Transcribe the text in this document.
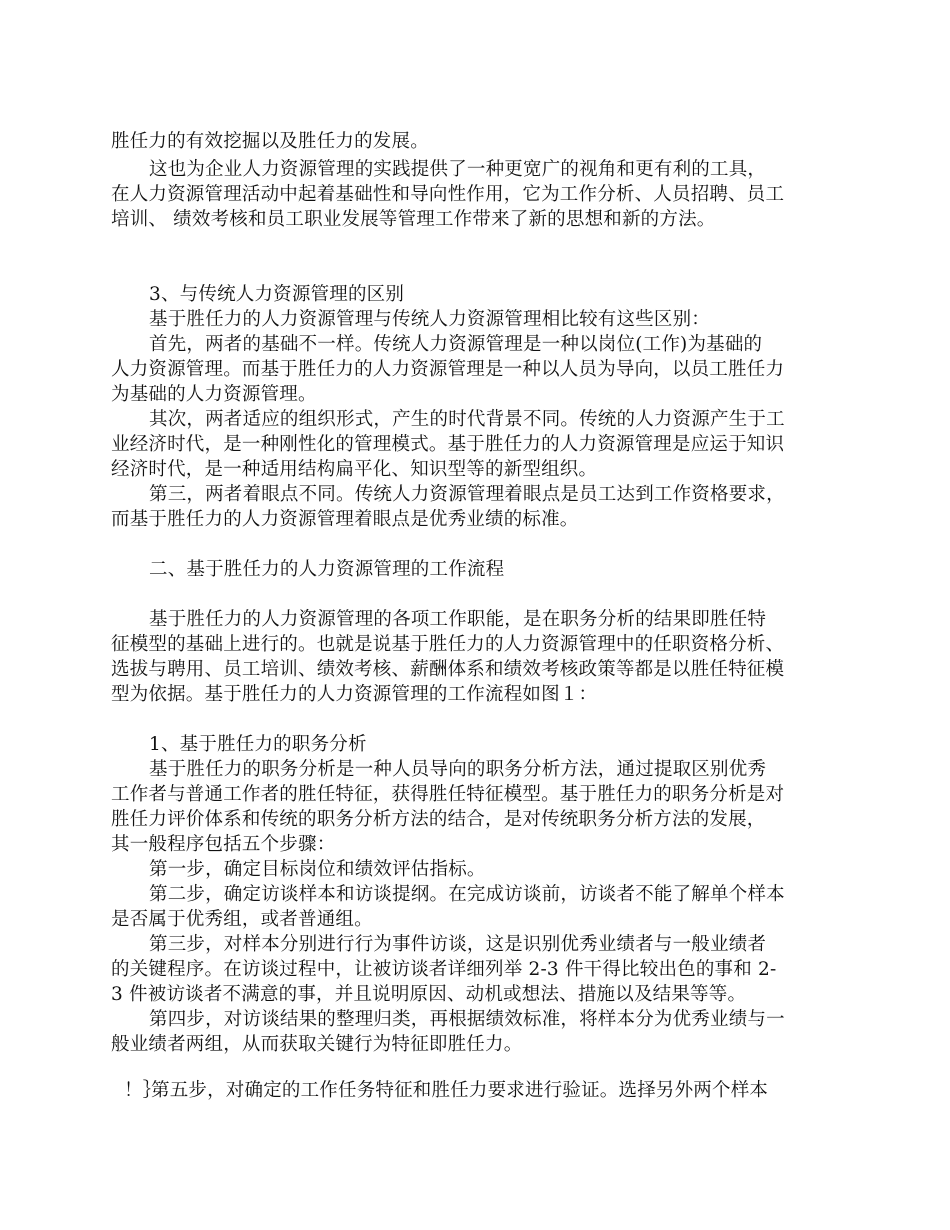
胜任力的有效挖掘以及胜任力的发展。
这也为企业人力资源管理的实践提供了一种更宽广的视角和更有利的工具，
在人力资源管理活动中起着基础性和导向性作用，它为工作分析、人员招聘、员工
培训、 绩效考核和员工职业发展等管理工作带来了新的思想和新的方法。
3、与传统人力资源管理的区别
基于胜任力的人力资源管理与传统人力资源管理相比较有这些区别：
首先，两者的基础不一样。传统人力资源管理是一种以岗位(工作)为基础的
人力资源管理。而基于胜任力的人力资源管理是一种以人员为导向，以员工胜任力
为基础的人力资源管理。
其次，两者适应的组织形式，产生的时代背景不同。传统的人力资源产生于工
业经济时代，是一种刚性化的管理模式。基于胜任力的人力资源管理是应运于知识
经济时代，是一种适用结构扁平化、知识型等的新型组织。
第三，两者着眼点不同。传统人力资源管理着眼点是员工达到工作资格要求，
而基于胜任力的人力资源管理着眼点是优秀业绩的标准。
二、基于胜任力的人力资源管理的工作流程
基于胜任力的人力资源管理的各项工作职能，是在职务分析的结果即胜任特
征模型的基础上进行的。也就是说基于胜任力的人力资源管理中的任职资格分析、
选拔与聘用、员工培训、绩效考核、薪酬体系和绩效考核政策等都是以胜任特征模
型为依据。基于胜任力的人力资源管理的工作流程如图１：
1、基于胜任力的职务分析
基于胜任力的职务分析是一种人员导向的职务分析方法，通过提取区别优秀
工作者与普通工作者的胜任特征，获得胜任特征模型。基于胜任力的职务分析是对
胜任力评价体系和传统的职务分析方法的结合，是对传统职务分析方法的发展，
其一般程序包括五个步骤：
第一步，确定目标岗位和绩效评估指标。
第二步，确定访谈样本和访谈提纲。在完成访谈前，访谈者不能了解单个样本
是否属于优秀组，或者普通组。
第三步，对样本分别进行行为事件访谈，这是识别优秀业绩者与一般业绩者
的关键程序。在访谈过程中，让被访谈者详细列举 2-3 件干得比较出色的事和 2-
3 件被访谈者不满意的事，并且说明原因、动机或想法、措施以及结果等等。
第四步，对访谈结果的整理归类，再根据绩效标准，将样本分为优秀业绩与一
般业绩者两组，从而获取关键行为特征即胜任力。
！｝
第五步，对确定的工作任务特征和胜任力要求进行验证。选择另外两个样本
